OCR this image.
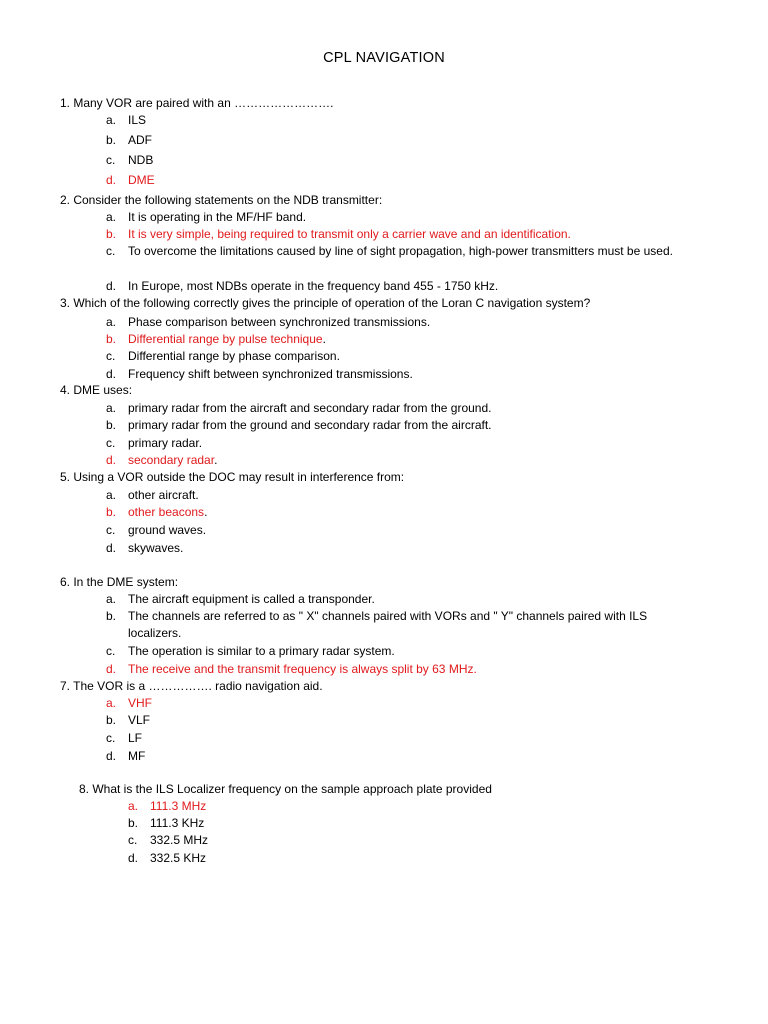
CPL NAVIGATION
1. Many VOR are paired with an …………………….
a. ILS
b. ADF
c. NDB
d. DME
2. Consider the following statements on the NDB transmitter:
a. It is operating in the MF/HF band.
b. It is very simple, being required to transmit only a carrier wave and an identification.
c. To overcome the limitations caused by line of sight propagation, high-power transmitters must be used.
d. In Europe, most NDBs operate in the frequency band 455 - 1750 kHz.
3. Which of the following correctly gives the principle of operation of the Loran C navigation system?
a. Phase comparison between synchronized transmissions.
b. Differential range by pulse technique.
c. Differential range by phase comparison.
d. Frequency shift between synchronized transmissions.
4. DME uses:
a. primary radar from the aircraft and secondary radar from the ground.
b. primary radar from the ground and secondary radar from the aircraft.
c. primary radar.
d. secondary radar.
5. Using a VOR outside the DOC may result in interference from:
a. other aircraft.
b. other beacons.
c. ground waves.
d. skywaves.
6. In the DME system:
a. The aircraft equipment is called a transponder.
b. The channels are referred to as " X" channels paired with VORs and " Y" channels paired with ILS localizers.
c. The operation is similar to a primary radar system.
d. The receive and the transmit frequency is always split by 63 MHz.
7. The VOR is a ……………. radio navigation aid.
a. VHF
b. VLF
c. LF
d. MF
8. What is the ILS Localizer frequency on the sample approach plate provided
a. 111.3 MHz
b. 111.3 KHz
c. 332.5 MHz
d. 332.5 KHz
